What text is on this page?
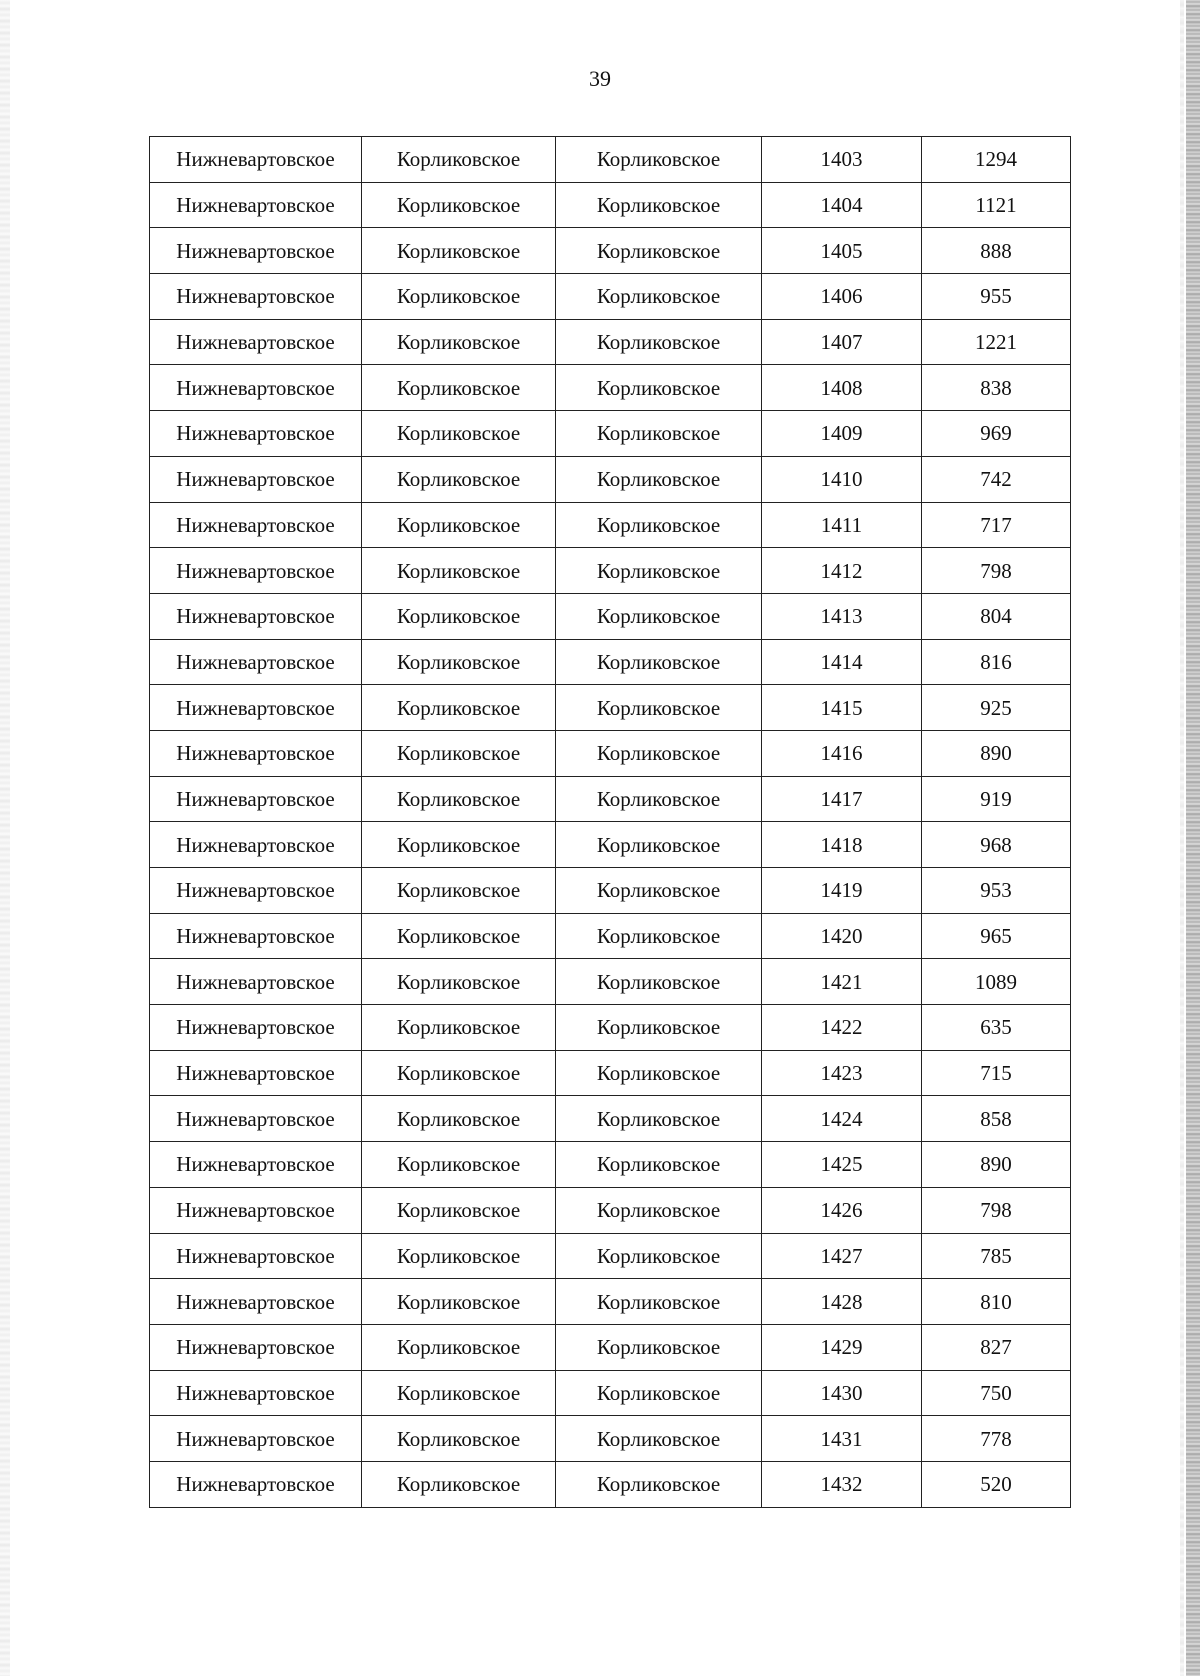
39
Нижневартовское	Корликовское	Корликовское	1403	1294
Нижневартовское	Корликовское	Корликовское	1404	1121
Нижневартовское	Корликовское	Корликовское	1405	888
Нижневартовское	Корликовское	Корликовское	1406	955
Нижневартовское	Корликовское	Корликовское	1407	1221
Нижневартовское	Корликовское	Корликовское	1408	838
Нижневартовское	Корликовское	Корликовское	1409	969
Нижневартовское	Корликовское	Корликовское	1410	742
Нижневартовское	Корликовское	Корликовское	1411	717
Нижневартовское	Корликовское	Корликовское	1412	798
Нижневартовское	Корликовское	Корликовское	1413	804
Нижневартовское	Корликовское	Корликовское	1414	816
Нижневартовское	Корликовское	Корликовское	1415	925
Нижневартовское	Корликовское	Корликовское	1416	890
Нижневартовское	Корликовское	Корликовское	1417	919
Нижневартовское	Корликовское	Корликовское	1418	968
Нижневартовское	Корликовское	Корликовское	1419	953
Нижневартовское	Корликовское	Корликовское	1420	965
Нижневартовское	Корликовское	Корликовское	1421	1089
Нижневартовское	Корликовское	Корликовское	1422	635
Нижневартовское	Корликовское	Корликовское	1423	715
Нижневартовское	Корликовское	Корликовское	1424	858
Нижневартовское	Корликовское	Корликовское	1425	890
Нижневартовское	Корликовское	Корликовское	1426	798
Нижневартовское	Корликовское	Корликовское	1427	785
Нижневартовское	Корликовское	Корликовское	1428	810
Нижневартовское	Корликовское	Корликовское	1429	827
Нижневартовское	Корликовское	Корликовское	1430	750
Нижневартовское	Корликовское	Корликовское	1431	778
Нижневартовское	Корликовское	Корликовское	1432	520
